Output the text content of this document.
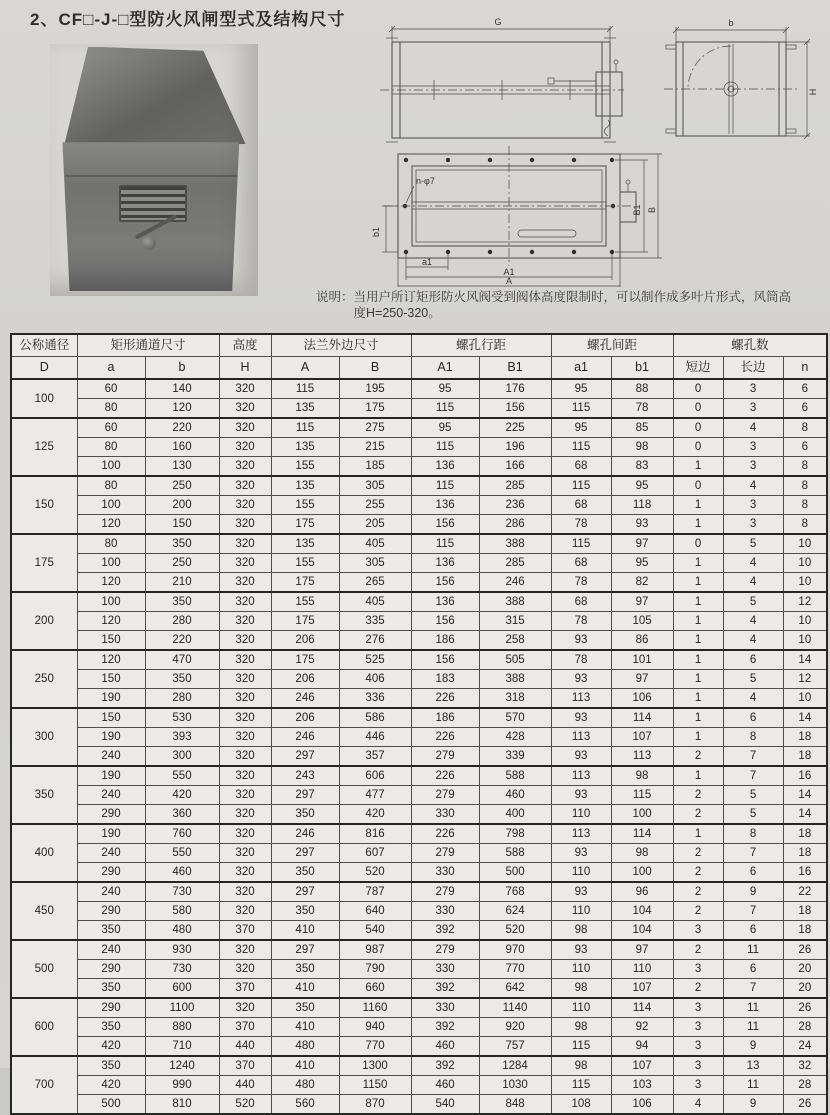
2、CF□-J-□型防火风闸型式及结构尺寸	G	b
H
n-φ7
b1
a1
A1
A
B1 B
说明： 当用户所订矩形防火风阀受到阀体高度限制时，可以制作成多叶片形式，风筒高
度H=250-320。
公称通径	矩形通道尺寸		高度	法兰外边尺寸		螺孔行距		螺孔间距		螺孔数		
D	a	b	H	A	B	A1	B1	a1	b1	短边	长边	n
100	60	140	320	115	195	95	176	95	88	0	3	6
	80	120	320	135	175	115	156	115	78	0	3	6
125	60	220	320	115	275	95	225	95	85	0	4	8
	80	160	320	135	215	115	196	115	98	0	3	6
	100	130	320	155	185	136	166	68	83	1	3	8
150	80	250	320	135	305	115	285	115	95	0	4	8
	100	200	320	155	255	136	236	68	118	1	3	8
	120	150	320	175	205	156	286	78	93	1	3	8
175	80	350	320	135	405	115	388	115	97	0	5	10
	100	250	320	155	305	136	285	68	95	1	4	10
	120	210	320	175	265	156	246	78	82	1	4	10
200	100	350	320	155	405	136	388	68	97	1	5	12
	120	280	320	175	335	156	315	78	105	1	4	10
	150	220	320	206	276	186	258	93	86	1	4	10
250	120	470	320	175	525	156	505	78	101	1	6	14
	150	350	320	206	406	183	388	93	97	1	5	12
	190	280	320	246	336	226	318	113	106	1	4	10
300	150	530	320	206	586	186	570	93	114	1	6	14
	190	393	320	246	446	226	428	113	107	1	8	18
	240	300	320	297	357	279	339	93	113	2	7	18
350	190	550	320	243	606	226	588	113	98	1	7	16
	240	420	320	297	477	279	460	93	115	2	5	14
	290	360	320	350	420	330	400	110	100	2	5	14
400	190	760	320	246	816	226	798	113	114	1	8	18
	240	550	320	297	607	279	588	93	98	2	7	18
	290	460	320	350	520	330	500	110	100	2	6	16
450	240	730	320	297	787	279	768	93	96	2	9	22
	290	580	320	350	640	330	624	110	104	2	7	18
	350	480	370	410	540	392	520	98	104	3	6	18
500	240	930	320	297	987	279	970	93	97	2	11	26
	290	730	320	350	790	330	770	110	110	3	6	20
	350	600	370	410	660	392	642	98	107	2	7	20
600	290	1100	320	350	1160	330	1140	110	114	3	11	26
	350	880	370	410	940	392	920	98	92	3	11	28
	420	710	440	480	770	460	757	115	94	3	9	24
700	350	1240	370	410	1300	392	1284	98	107	3	13	32
	420	990	440	480	1150	460	1030	115	103	3	11	28
	500	810	520	560	870	540	848	108	106	4	9	26
